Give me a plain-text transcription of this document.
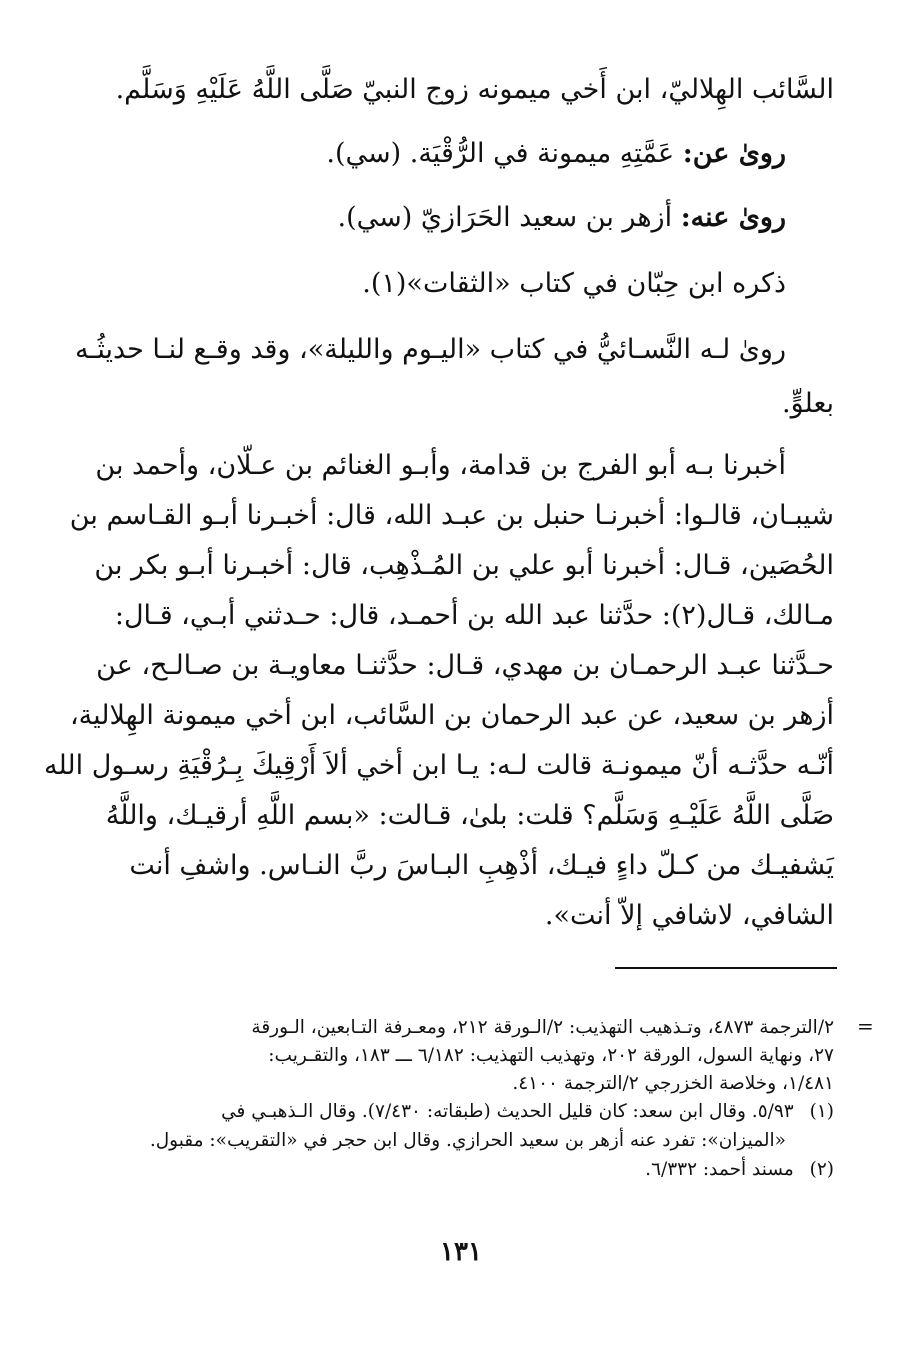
السَّائب الهِلاليّ، ابن أَخي ميمونه زوج النبيّ صَلَّى اللَّهُ عَلَيْهِ وَسَلَّم.
روىٰ عن: عَمَّتِهِ ميمونة في الرُّقْيَة. (سي).
روىٰ عنه: أزهر بن سعيد الحَرَازيّ (سي).
ذكره ابن حِبّان في كتاب «الثقات»(١).
روىٰ لـه النَّسـائيُّ في كتاب «اليـوم والليلة»، وقد وقـع لنـا حديثُـه
بعلوٍّ.
أخبرنا بـه أبو الفرج بن قدامة، وأبـو الغنائم بن عـلّان، وأحمد بن
شيبـان، قالـوا: أخبرنـا حنبل بن عبـد الله، قال: أخبـرنا أبـو القـاسم بن
الحُصَين، قـال: أخبرنا أبو علي بن المُـذْهِب، قال: أخبـرنا أبـو بكر بن
مـالك، قـال(٢): حدَّثنا عبد الله بن أحمـد، قال: حـدثني أبـي، قـال:
حـدَّثنا عبـد الرحمـان بن مهدي، قـال: حدَّثنـا معاويـة بن صـالـح، عن
أزهر بن سعيد، عن عبد الرحمان بن السَّائب، ابن أخي ميمونة الهِلالية،
أنّـه حدَّثـه أنّ ميمونـة قالت لـه: يـا ابن أخي ألاَ أَرْقِيكَ بِـرُقْيَةِ رسـول الله
صَلَّى اللَّهُ عَلَيْـهِ وَسَلَّم؟ قلت: بلىٰ، قـالت: «بسم اللَّهِ أرقيـك، واللَّهُ
يَشفيـك من كـلّ داءٍ فيـك، أذْهِبِ البـاسَ ربَّ النـاس. واشفِ أنت
الشافي، لاشافي إلاّ أنت».
=
٢/الترجمة ٤٨٧٣، وتـذهيب التهذيب: ٢/الـورقة ٢١٢، ومعـرفة التـابعين، الـورقة
٢٧، ونهاية السول، الورقة ٢٠٢، وتهذيب التهذيب: ٦/١٨٢ ـــ ١٨٣، والتقـريب:
١/٤٨١، وخلاصة الخزرجي ٢/الترجمة ٤١٠٠.
(١) ٥/٩٣. وقال ابن سعد: كان قليل الحديث (طبقاته: ٧/٤٣٠). وقال الـذهبـي في
«الميزان»: تفرد عنه أزهر بن سعيد الحرازي. وقال ابن حجر في «التقريب»: مقبول.
(٢) مسند أحمد: ٦/٣٣٢.
١٣١
